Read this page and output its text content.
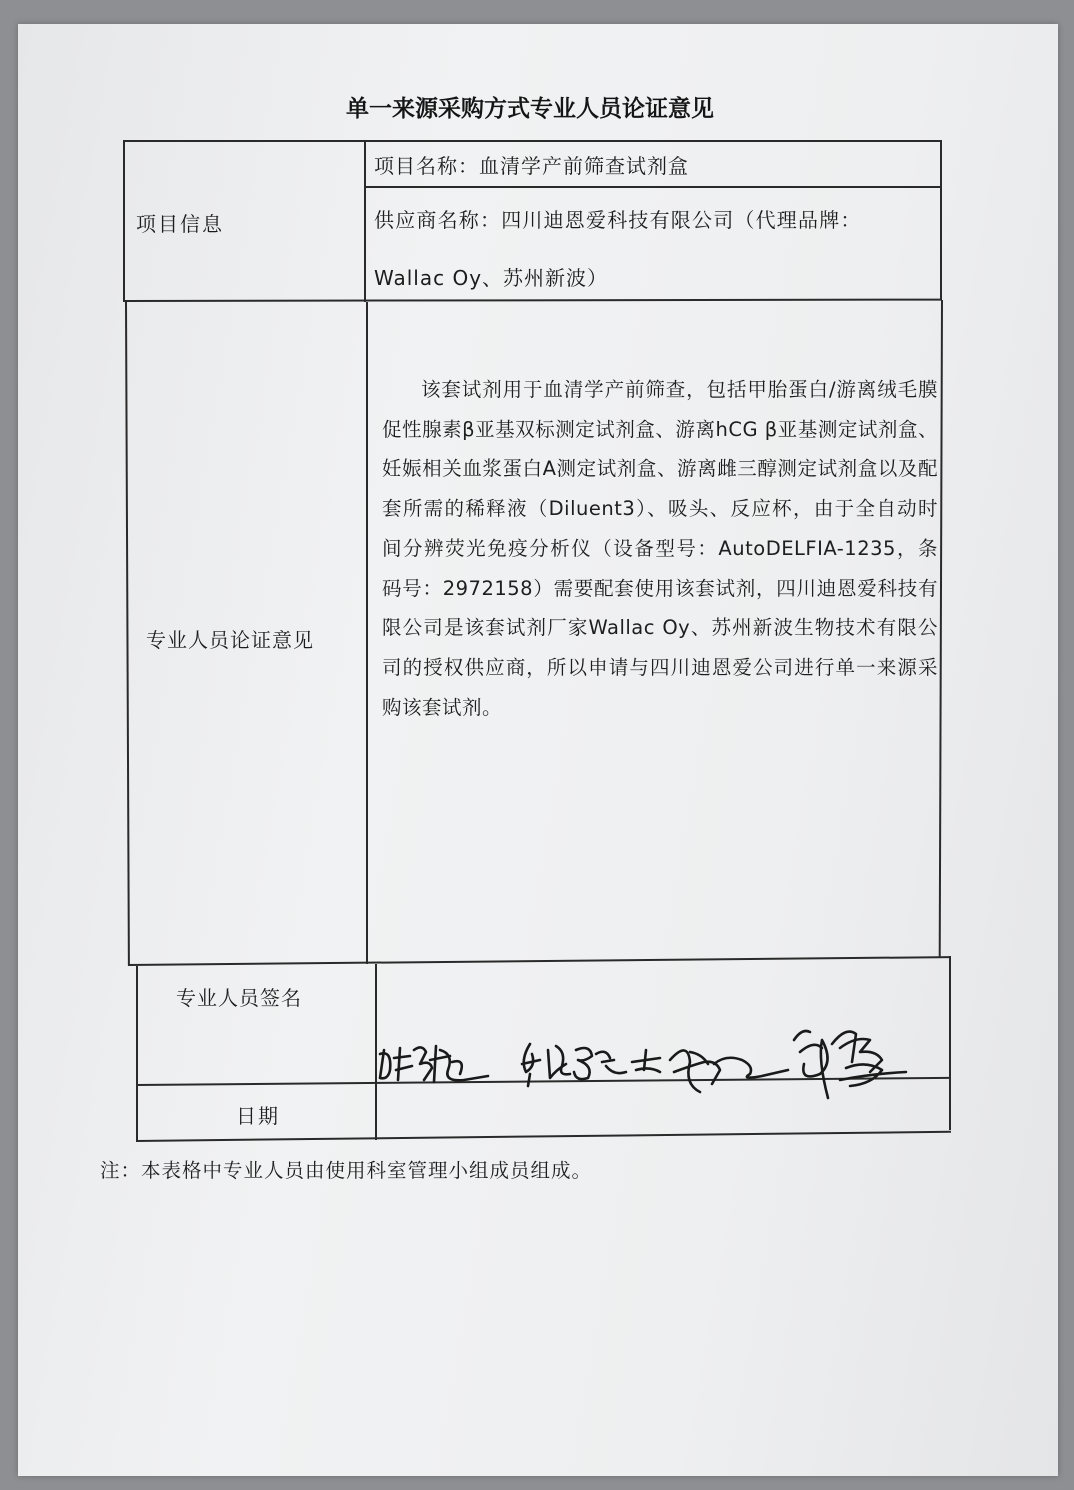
单一来源采购方式专业人员论证意见
项目信息
项目名称：血清学产前筛查试剂盒
供应商名称：四川迪恩爱科技有限公司（代理品牌：
Wallac Oy、苏州新波）
专业人员论证意见
该套试剂用于血清学产前筛查，包括甲胎蛋白/游离绒毛膜促性腺素β亚基双标测定试剂盒、游离hCG β亚基测定试剂盒、妊娠相关血浆蛋白A测定试剂盒、游离雌三醇测定试剂盒以及配套所需的稀释液（Diluent3）、吸头、反应杯，由于全自动时间分辨荧光免疫分析仪（设备型号：AutoDELFIA-1235，条码号：2972158）需要配套使用该套试剂，四川迪恩爱科技有限公司是该套试剂厂家Wallac Oy、苏州新波生物技术有限公司的授权供应商，所以申请与四川迪恩爱公司进行单一来源采购该套试剂。
专业人员签名
日期
注：本表格中专业人员由使用科室管理小组成员组成。
